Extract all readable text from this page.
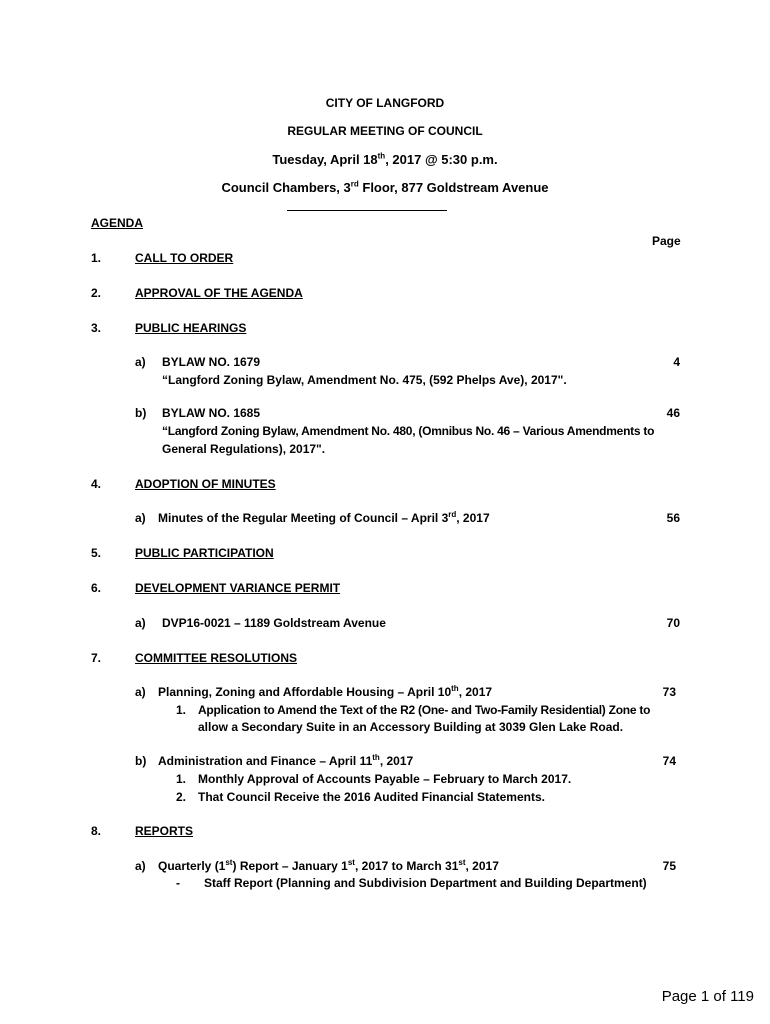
CITY OF LANGFORD
REGULAR MEETING OF COUNCIL
Tuesday, April 18th, 2017 @ 5:30 p.m.
Council Chambers, 3rd Floor, 877 Goldstream Avenue
AGENDA
Page
1.	CALL TO ORDER
2.	APPROVAL OF THE AGENDA
3.	PUBLIC HEARINGS
a) BYLAW NO. 1679	4
“Langford Zoning Bylaw, Amendment No. 475, (592 Phelps Ave), 2017".
b) BYLAW NO. 1685	46
“Langford Zoning Bylaw, Amendment No. 480, (Omnibus No. 46 – Various Amendments to
General Regulations), 2017".
4.	ADOPTION OF MINUTES
a) Minutes of the Regular Meeting of Council – April 3rd, 2017	56
5.	PUBLIC PARTICIPATION
6.	DEVELOPMENT VARIANCE PERMIT
a) DVP16-0021 – 1189 Goldstream Avenue	70
7.	COMMITTEE RESOLUTIONS
a) Planning, Zoning and Affordable Housing – April 10th, 2017	73
1. Application to Amend the Text of the R2 (One- and Two-Family Residential) Zone to
allow a Secondary Suite in an Accessory Building at 3039 Glen Lake Road.
b) Administration and Finance – April 11th, 2017	74
1. Monthly Approval of Accounts Payable – February to March 2017.
2. That Council Receive the 2016 Audited Financial Statements.
8.	REPORTS
a) Quarterly (1st) Report – January 1st, 2017 to March 31st, 2017	75
- Staff Report (Planning and Subdivision Department and Building Department)
Page 1 of 119
